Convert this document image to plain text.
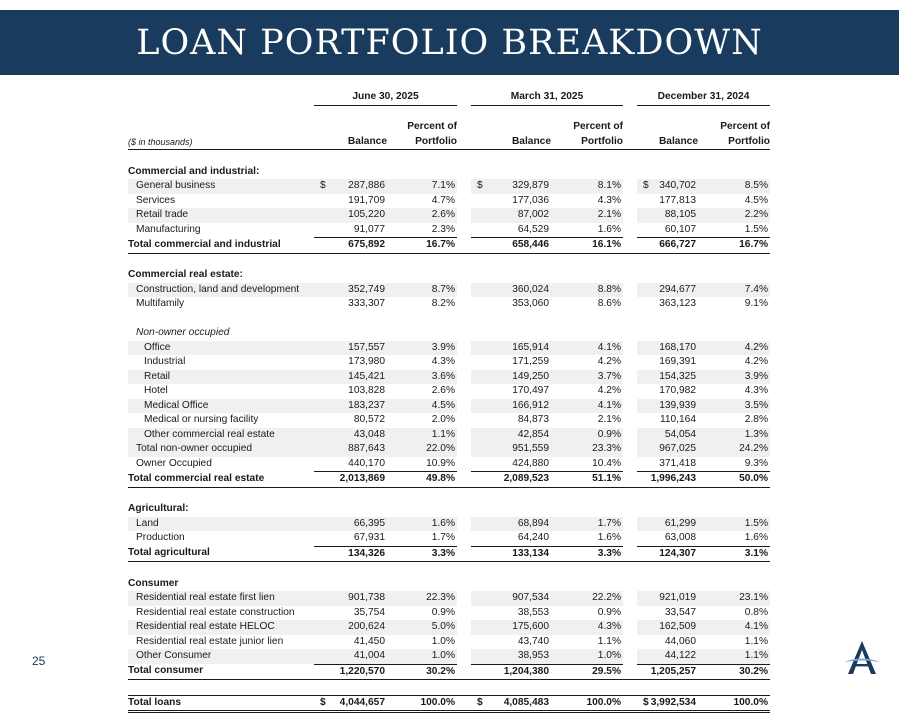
LOAN PORTFOLIO BREAKDOWN
	June 30, 2025			March 31, 2025			December 31, 2024	

		Percent of			Percent of			Percent of
($ in thousands)	Balance	Portfolio		Balance	Portfolio		Balance	Portfolio

Commercial and industrial:								
General business	$ 287,886	7.1%		$ 329,879	8.1%		$ 340,702	8.5%
Services	191,709	4.7%		177,036	4.3%		177,813	4.5%
Retail trade	105,220	2.6%		87,002	2.1%		88,105	2.2%
Manufacturing	91,077	2.3%		64,529	1.6%		60,107	1.5%
Total commercial and industrial	675,892	16.7%		658,446	16.1%		666,727	16.7%

Commercial real estate:								
Construction, land and development	352,749	8.7%		360,024	8.8%		294,677	7.4%
Multifamily	333,307	8.2%		353,060	8.6%		363,123	9.1%

Non-owner occupied								
Office	157,557	3.9%		165,914	4.1%		168,170	4.2%
Industrial	173,980	4.3%		171,259	4.2%		169,391	4.2%
Retail	145,421	3.6%		149,250	3.7%		154,325	3.9%
Hotel	103,828	2.6%		170,497	4.2%		170,982	4.3%
Medical Office	183,237	4.5%		166,912	4.1%		139,939	3.5%
Medical or nursing facility	80,572	2.0%		84,873	2.1%		110,164	2.8%
Other commercial real estate	43,048	1.1%		42,854	0.9%		54,054	1.3%
Total non-owner occupied	887,643	22.0%		951,559	23.3%		967,025	24.2%
Owner Occupied	440,170	10.9%		424,880	10.4%		371,418	9.3%
Total commercial real estate	2,013,869	49.8%		2,089,523	51.1%		1,996,243	50.0%

Agricultural:								
Land	66,395	1.6%		68,894	1.7%		61,299	1.5%
Production	67,931	1.7%		64,240	1.6%		63,008	1.6%
Total agricultural	134,326	3.3%		133,134	3.3%		124,307	3.1%

Consumer								
Residential real estate first lien	901,738	22.3%		907,534	22.2%		921,019	23.1%
Residential real estate construction	35,754	0.9%		38,553	0.9%		33,547	0.8%
Residential real estate HELOC	200,624	5.0%		175,600	4.3%		162,509	4.1%
Residential real estate junior lien	41,450	1.0%		43,740	1.1%		44,060	1.1%
Other Consumer	41,004	1.0%		38,953	1.0%		44,122	1.1%
Total consumer	1,220,570	30.2%		1,204,380	29.5%		1,205,257	30.2%

Total loans	$ 4,044,657	100.0%		$ 4,085,483	100.0%		$ 3,992,534	100.0%
25
